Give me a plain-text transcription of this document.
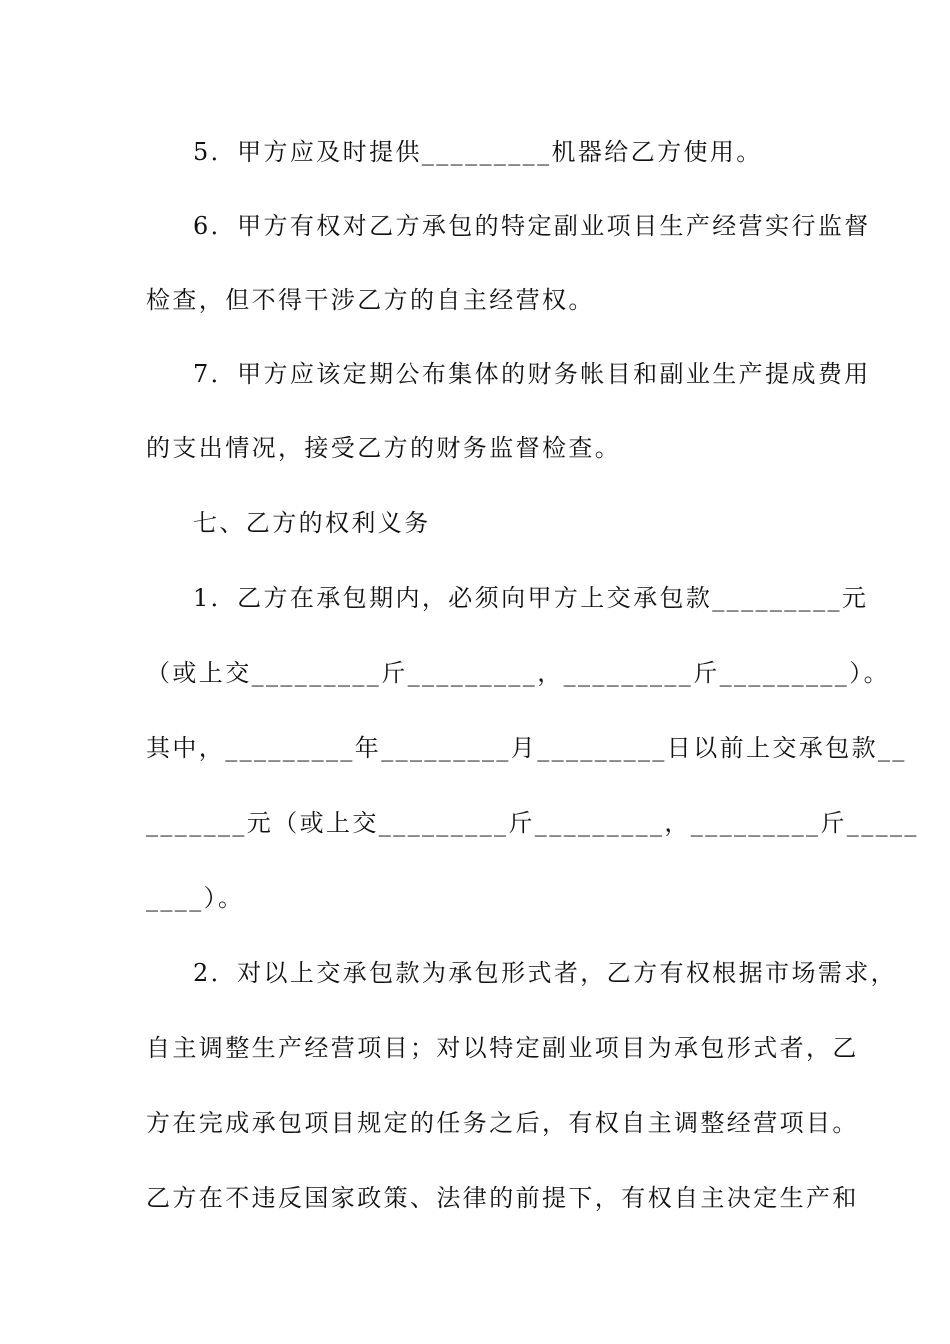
5．甲方应及时提供_________机器给乙方使用。
6．甲方有权对乙方承包的特定副业项目生产经营实行监督
检查，但不得干涉乙方的自主经营权。
7．甲方应该定期公布集体的财务帐目和副业生产提成费用
的支出情况，接受乙方的财务监督检查。
七、乙方的权利义务
1．乙方在承包期内，必须向甲方上交承包款_________元
（或上交_________斤_________，_________斤_________）。
其中，_________年_________月_________日以前上交承包款__
_______元（或上交_________斤_________，_________斤_____
____）。
2．对以上交承包款为承包形式者，乙方有权根据市场需求，
自主调整生产经营项目；对以特定副业项目为承包形式者，乙
方在完成承包项目规定的任务之后，有权自主调整经营项目。
乙方在不违反国家政策、法律的前提下，有权自主决定生产和
